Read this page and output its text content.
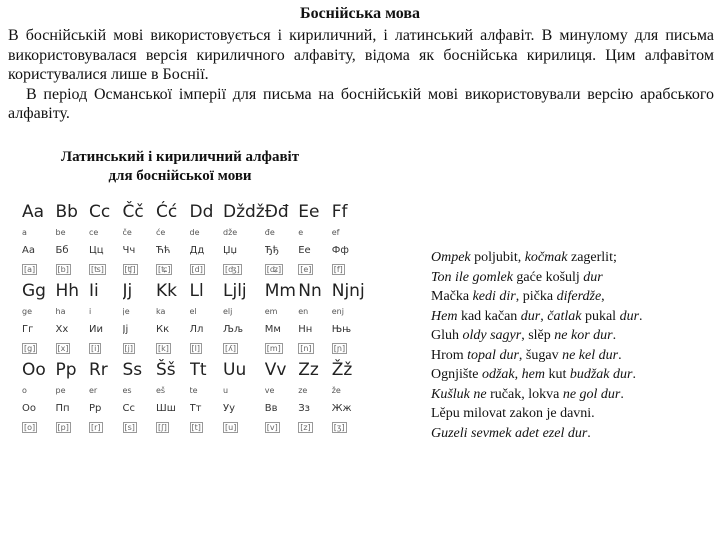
Боснійська мова

В боснійській мові використовується і кириличний, і латинський алфавіт. В минулому для письма використовувалася версія кириличного алфавіту, відома як боснійська кирилиця. Цим алфавітом користувалися лише в Боснії.

В період Османської імперії для письма на боснійській мові використовували версію арабського алфавіту.

Латинський і кириличний алфавіт
для боснійської мови
Aa	Bb	Cc	Čč	Ćć	Dd	Dždž	Đđ	Ee	Ff
a	be	ce	če	će	de	dže	đe	e	ef
Аа	Бб	Цц	Чч	Ћћ	Дд	Џџ	Ђђ	Ее	Фф
[a]	[b]	[ʦ]	[ʧ]	[ʨ]	[d]	[ʤ]	[ʥ]	[e]	[f]
Gg	Hh	Ii	Jj	Kk	Ll	Ljlj	Mm	Nn	Njnj
ge	ha	i	je	ka	el	elj	em	en	enj
Гг	Хх	Ии	Јј	Кк	Лл	Љљ	Мм	Нн	Њњ
[g]	[x]	[i]	[j]	[k]	[l]	[ʎ]	[m]	[n]	[ɲ]
Oo	Pp	Rr	Ss	Šš	Tt	Uu	Vv	Zz	Žž
o	pe	er	es	eš	te	u	ve	ze	že
Оо	Пп	Рр	Сс	Шш	Тт	Уу	Вв	Зз	Жж
[o]	[p]	[r]	[s]	[ʃ]	[t]	[u]	[v]	[z]	[ʒ]
Ompek poljubit, kočmak zagerlit;
Ton ile gomlek gaće košulj dur
Mačka kedi dir, pička diferdže,
Hem kad kačan dur, čatlak pukal dur.
Gluh oldy sagyr, slěp ne kor dur.
Hrom topal dur, šugav ne kel dur.
Ognjište odžak, hem kut budžak dur.
Kušluk ne ručak, lokva ne gol dur.
Lěpu milovat zakon je davni.
Guzeli sevmek adet ezel dur.
